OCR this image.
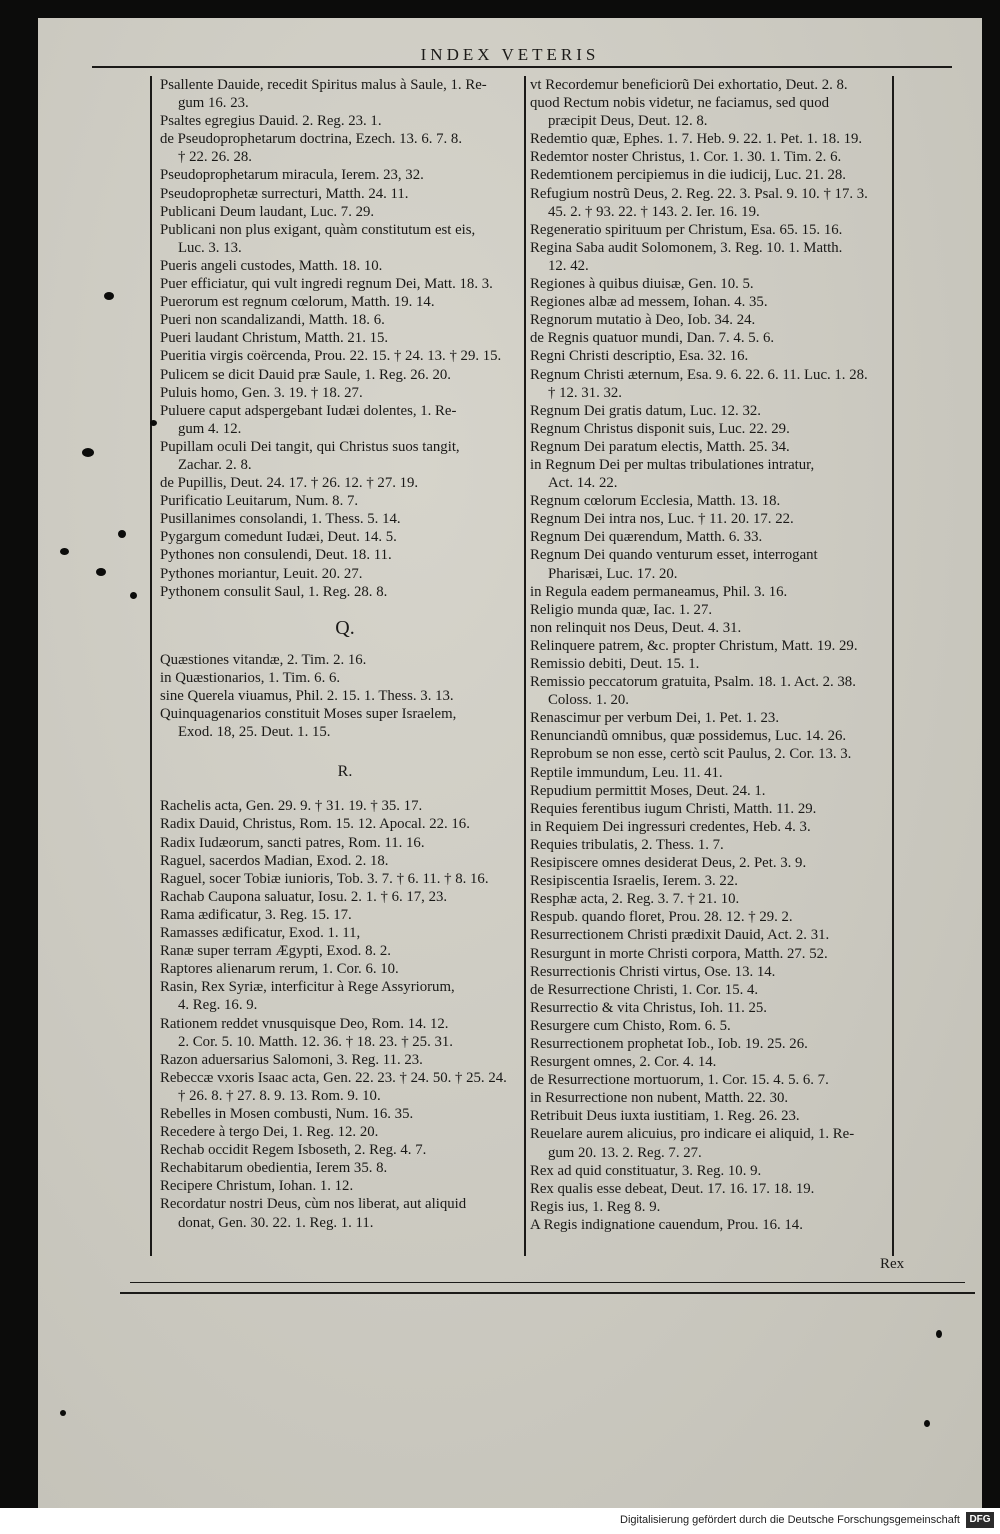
INDEX VETERIS
Psallente Dauide, recedit Spiritus malus à Saule, 1. Re-
gum 16. 23.
Psaltes egregius Dauid. 2. Reg. 23. 1.
de Pseudoprophetarum doctrina, Ezech. 13. 6. 7. 8.
† 22. 26. 28.
Pseudoprophetarum miracula, Ierem. 23, 32.
Pseudoprophetæ surrecturi, Matth. 24. 11.
Publicani Deum laudant, Luc. 7. 29.
Publicani non plus exigant, quàm constitutum est eis,
Luc. 3. 13.
Pueris angeli custodes, Matth. 18. 10.
Puer efficiatur, qui vult ingredi regnum Dei, Matt. 18. 3.
Puerorum est regnum cœlorum, Matth. 19. 14.
Pueri non scandalizandi, Matth. 18. 6.
Pueri laudant Christum, Matth. 21. 15.
Pueritia virgis coërcenda, Prou. 22. 15. † 24. 13. † 29. 15.
Pulicem se dicit Dauid præ Saule, 1. Reg. 26. 20.
Puluis homo, Gen. 3. 19. † 18. 27.
Puluere caput adspergebant Iudæi dolentes, 1. Re-
gum 4. 12.
Pupillam oculi Dei tangit, qui Christus suos tangit,
Zachar. 2. 8.
de Pupillis, Deut. 24. 17. † 26. 12. † 27. 19.
Purificatio Leuitarum, Num. 8. 7.
Pusillanimes consolandi, 1. Thess. 5. 14.
Pygargum comedunt Iudæi, Deut. 14. 5.
Pythones non consulendi, Deut. 18. 11.
Pythones moriantur, Leuit. 20. 27.
Pythonem consulit Saul, 1. Reg. 28. 8.
Q.
Quæstiones vitandæ, 2. Tim. 2. 16.
in Quæstionarios, 1. Tim. 6. 6.
sine Querela viuamus, Phil. 2. 15. 1. Thess. 3. 13.
Quinquagenarios constituit Moses super Israelem,
Exod. 18, 25. Deut. 1. 15.
R.
Rachelis acta, Gen. 29. 9. † 31. 19. † 35. 17.
Radix Dauid, Christus, Rom. 15. 12. Apocal. 22. 16.
Radix Iudæorum, sancti patres, Rom. 11. 16.
Raguel, sacerdos Madian, Exod. 2. 18.
Raguel, socer Tobiæ iunioris, Tob. 3. 7. † 6. 11. † 8. 16.
Rachab Caupona saluatur, Iosu. 2. 1. † 6. 17, 23.
Rama ædificatur, 3. Reg. 15. 17.
Ramasses ædificatur, Exod. 1. 11,
Ranæ super terram Ægypti, Exod. 8. 2.
Raptores alienarum rerum, 1. Cor. 6. 10.
Rasin, Rex Syriæ, interficitur à Rege Assyriorum,
4. Reg. 16. 9.
Rationem reddet vnusquisque Deo, Rom. 14. 12.
2. Cor. 5. 10. Matth. 12. 36. † 18. 23. † 25. 31.
Razon aduersarius Salomoni, 3. Reg. 11. 23.
Rebeccæ vxoris Isaac acta, Gen. 22. 23. † 24. 50. † 25. 24.
† 26. 8. † 27. 8. 9. 13. Rom. 9. 10.
Rebelles in Mosen combusti, Num. 16. 35.
Recedere à tergo Dei, 1. Reg. 12. 20.
Rechab occidit Regem Isboseth, 2. Reg. 4. 7.
Rechabitarum obedientia, Ierem 35. 8.
Recipere Christum, Iohan. 1. 12.
Recordatur nostri Deus, cùm nos liberat, aut aliquid
donat, Gen. 30. 22. 1. Reg. 1. 11.
vt Recordemur beneficiorũ Dei exhortatio, Deut. 2. 8.
quod Rectum nobis videtur, ne faciamus, sed quod
præcipit Deus, Deut. 12. 8.
Redemtio quæ, Ephes. 1. 7. Heb. 9. 22. 1. Pet. 1. 18. 19.
Redemtor noster Christus, 1. Cor. 1. 30. 1. Tim. 2. 6.
Redemtionem percipiemus in die iudicij, Luc. 21. 28.
Refugium nostrũ Deus, 2. Reg. 22. 3. Psal. 9. 10. † 17. 3.
45. 2. † 93. 22. † 143. 2. Ier. 16. 19.
Regeneratio spirituum per Christum, Esa. 65. 15. 16.
Regina Saba audit Solomonem, 3. Reg. 10. 1. Matth.
12. 42.
Regiones à quibus diuisæ, Gen. 10. 5.
Regiones albæ ad messem, Iohan. 4. 35.
Regnorum mutatio à Deo, Iob. 34. 24.
de Regnis quatuor mundi, Dan. 7. 4. 5. 6.
Regni Christi descriptio, Esa. 32. 16.
Regnum Christi æternum, Esa. 9. 6. 22. 6. 11. Luc. 1. 28.
† 12. 31. 32.
Regnum Dei gratis datum, Luc. 12. 32.
Regnum Christus disponit suis, Luc. 22. 29.
Regnum Dei paratum electis, Matth. 25. 34.
in Regnum Dei per multas tribulationes intratur,
Act. 14. 22.
Regnum cœlorum Ecclesia, Matth. 13. 18.
Regnum Dei intra nos, Luc. † 11. 20. 17. 22.
Regnum Dei quærendum, Matth. 6. 33.
Regnum Dei quando venturum esset, interrogant
Pharisæi, Luc. 17. 20.
in Regula eadem permaneamus, Phil. 3. 16.
Religio munda quæ, Iac. 1. 27.
non relinquit nos Deus, Deut. 4. 31.
Relinquere patrem, &c. propter Christum, Matt. 19. 29.
Remissio debiti, Deut. 15. 1.
Remissio peccatorum gratuita, Psalm. 18. 1. Act. 2. 38.
Coloss. 1. 20.
Renascimur per verbum Dei, 1. Pet. 1. 23.
Renunciandũ omnibus, quæ possidemus, Luc. 14. 26.
Reprobum se non esse, certò scit Paulus, 2. Cor. 13. 3.
Reptile immundum, Leu. 11. 41.
Repudium permittit Moses, Deut. 24. 1.
Requies ferentibus iugum Christi, Matth. 11. 29.
in Requiem Dei ingressuri credentes, Heb. 4. 3.
Requies tribulatis, 2. Thess. 1. 7.
Resipiscere omnes desiderat Deus, 2. Pet. 3. 9.
Resipiscentia Israelis, Ierem. 3. 22.
Resphæ acta, 2. Reg. 3. 7. † 21. 10.
Respub. quando floret, Prou. 28. 12. † 29. 2.
Resurrectionem Christi prædixit Dauid, Act. 2. 31.
Resurgunt in morte Christi corpora, Matth. 27. 52.
Resurrectionis Christi virtus, Ose. 13. 14.
de Resurrectione Christi, 1. Cor. 15. 4.
Resurrectio & vita Christus, Ioh. 11. 25.
Resurgere cum Chisto, Rom. 6. 5.
Resurrectionem prophetat Iob., Iob. 19. 25. 26.
Resurgent omnes, 2. Cor. 4. 14.
de Resurrectione mortuorum, 1. Cor. 15. 4. 5. 6. 7.
in Resurrectione non nubent, Matth. 22. 30.
Retribuit Deus iuxta iustitiam, 1. Reg. 26. 23.
Reuelare aurem alicuius, pro indicare ei aliquid, 1. Re-
gum 20. 13. 2. Reg. 7. 27.
Rex ad quid constituatur, 3. Reg. 10. 9.
Rex qualis esse debeat, Deut. 17. 16. 17. 18. 19.
Regis ius, 1. Reg 8. 9.
A Regis indignatione cauendum, Prou. 16. 14.
Rex
Digitalisierung gefördert durch die Deutsche Forschungsgemeinschaft DFG
